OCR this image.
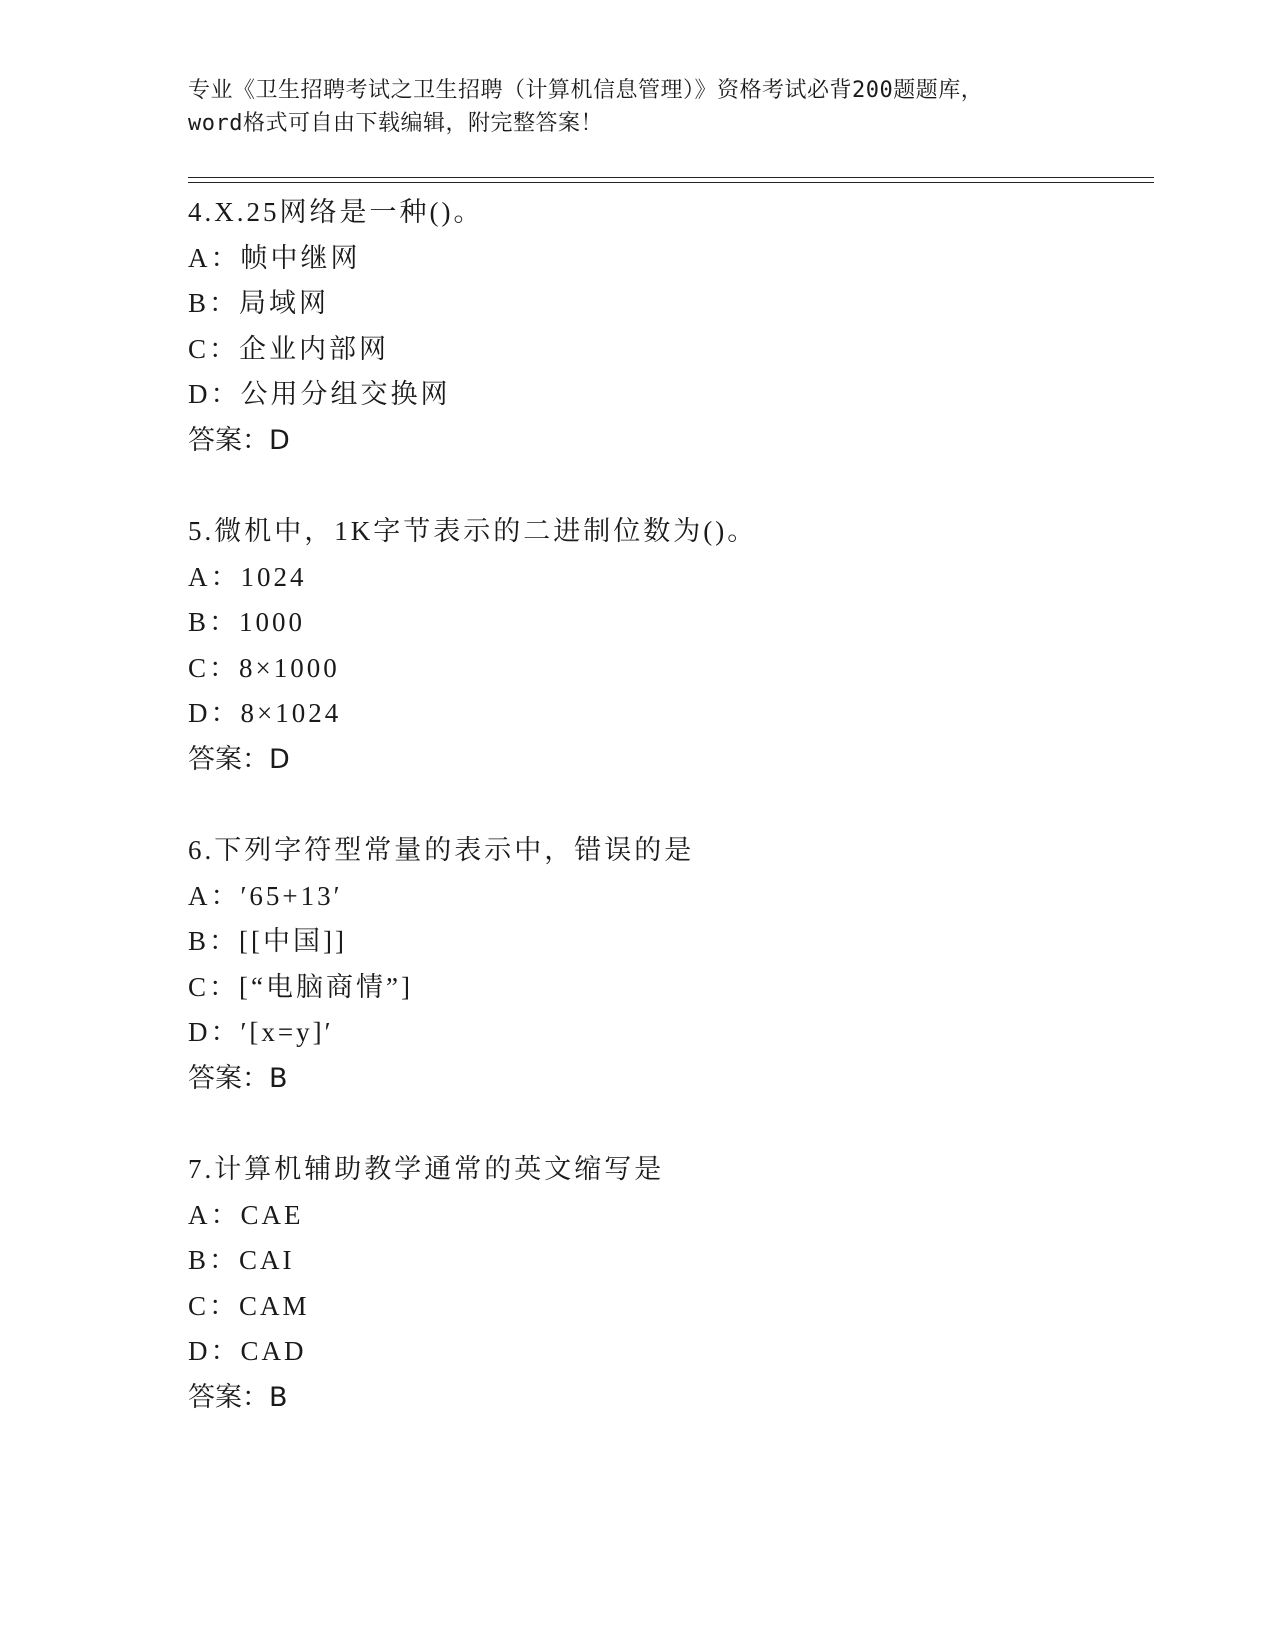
专业《卫生招聘考试之卫生招聘（计算机信息管理）》资格考试必背200题题库，
word格式可自由下载编辑，附完整答案！
4.X.25网络是一种()。
A：帧中继网
B：局域网
C：企业内部网
D：公用分组交换网
答案：D
5.微机中，1K字节表示的二进制位数为()。
A：1024
B：1000
C：8×1000
D：8×1024
答案：D
6.下列字符型常量的表示中，错误的是
A：′65+13′
B：[[中国]]
C：[“电脑商情”]
D：′[x=y]′
答案：B
7.计算机辅助教学通常的英文缩写是
A：CAE
B：CAI
C：CAM
D：CAD
答案：B
